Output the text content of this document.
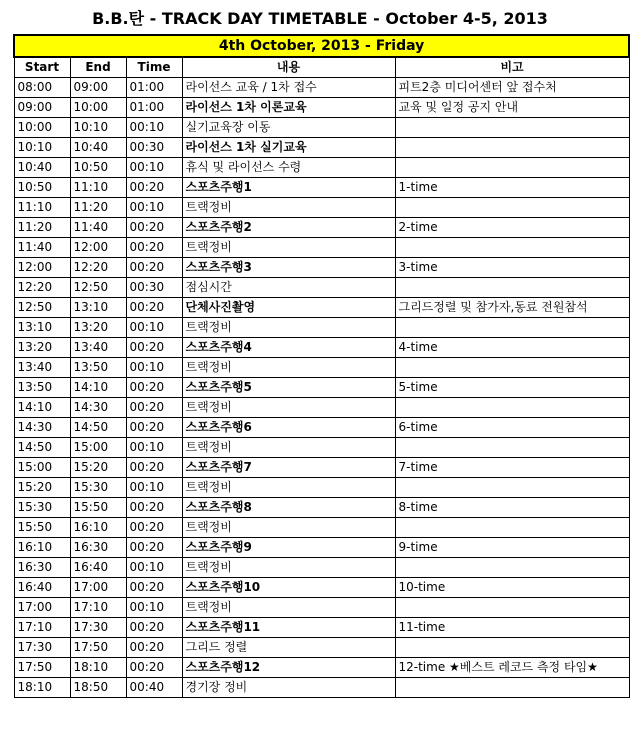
B.B.탄 - TRACK DAY TIMETABLE - October 4-5, 2013
4th October, 2013 - Friday				
Start	End	Time	내용	비고
08:00	09:00	01:00	라이선스 교육 / 1차 접수	피트2층 미디어센터 앞 접수처
09:00	10:00	01:00	라이선스 1차 이론교육	교육 및 일정 공지 안내
10:00	10:10	00:10	실기교육장 이동	
10:10	10:40	00:30	라이선스 1차 실기교육	
10:40	10:50	00:10	휴식 및 라이선스 수령	
10:50	11:10	00:20	스포츠주행1	1-time
11:10	11:20	00:10	트랙정비	
11:20	11:40	00:20	스포츠주행2	2-time
11:40	12:00	00:20	트랙정비	
12:00	12:20	00:20	스포츠주행3	3-time
12:20	12:50	00:30	점심시간	
12:50	13:10	00:20	단체사진촬영	그리드정렬 및 참가자,동료 전원참석
13:10	13:20	00:10	트랙정비	
13:20	13:40	00:20	스포츠주행4	4-time
13:40	13:50	00:10	트랙정비	
13:50	14:10	00:20	스포츠주행5	5-time
14:10	14:30	00:20	트랙정비	
14:30	14:50	00:20	스포츠주행6	6-time
14:50	15:00	00:10	트랙정비	
15:00	15:20	00:20	스포츠주행7	7-time
15:20	15:30	00:10	트랙정비	
15:30	15:50	00:20	스포츠주행8	8-time
15:50	16:10	00:20	트랙정비	
16:10	16:30	00:20	스포츠주행9	9-time
16:30	16:40	00:10	트랙정비	
16:40	17:00	00:20	스포츠주행10	10-time
17:00	17:10	00:10	트랙정비	
17:10	17:30	00:20	스포츠주행11	11-time
17:30	17:50	00:20	그리드 정렬	
17:50	18:10	00:20	스포츠주행12	12-time ★베스트 레코드 측정 타임★
18:10	18:50	00:40	경기장 정비	
